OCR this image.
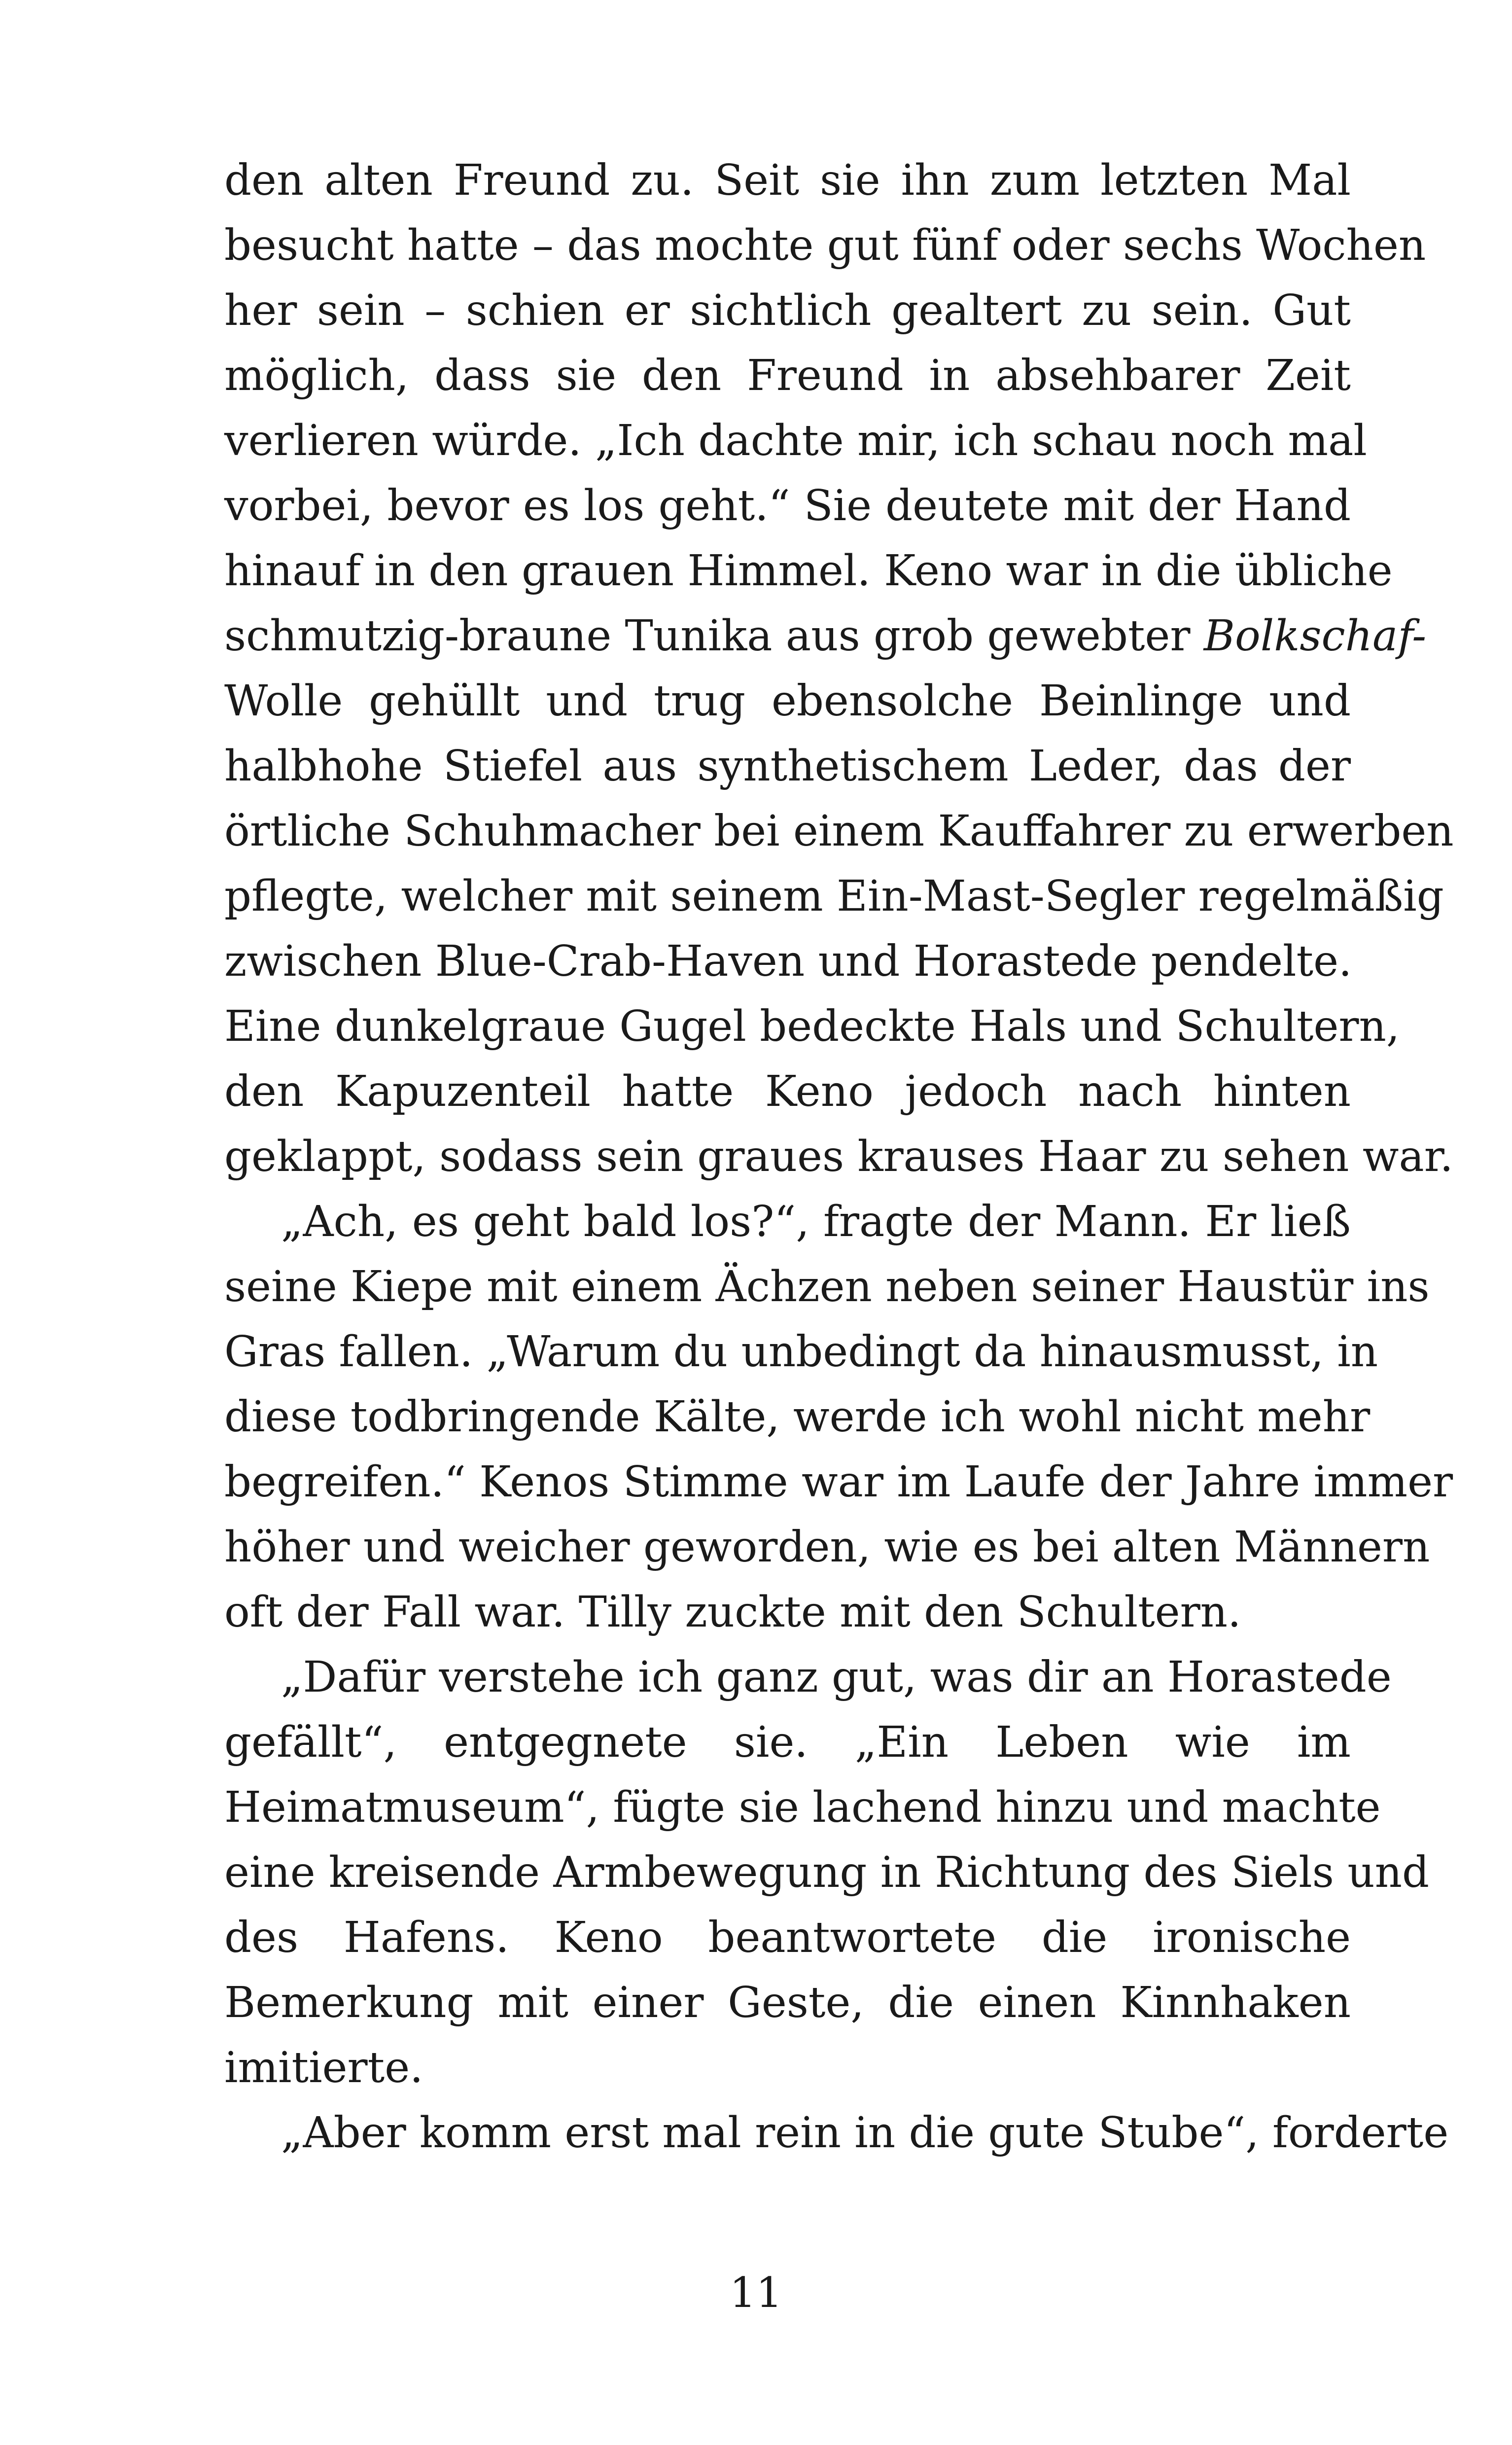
den alten Freund zu. Seit sie ihn zum letzten Mal
besucht hatte – das mochte gut fünf oder sechs Wochen
her sein – schien er sichtlich gealtert zu sein. Gut
möglich, dass sie den Freund in absehbarer Zeit
verlieren würde. „Ich dachte mir, ich schau noch mal
vorbei, bevor es los geht.“ Sie deutete mit der Hand
hinauf in den grauen Himmel. Keno war in die übliche
schmutzig-braune Tunika aus grob gewebter Bolkschaf-
Wolle gehüllt und trug ebensolche Beinlinge und
halbhohe Stiefel aus synthetischem Leder, das der
örtliche Schuhmacher bei einem Kauffahrer zu erwerben
pflegte, welcher mit seinem Ein-Mast-Segler regelmäßig
zwischen Blue-Crab-Haven und Horastede pendelte.
Eine dunkelgraue Gugel bedeckte Hals und Schultern,
den Kapuzenteil hatte Keno jedoch nach hinten
geklappt, sodass sein graues krauses Haar zu sehen war.
„Ach, es geht bald los?“, fragte der Mann. Er ließ
seine Kiepe mit einem Ächzen neben seiner Haustür ins
Gras fallen. „Warum du unbedingt da hinausmusst, in
diese todbringende Kälte, werde ich wohl nicht mehr
begreifen.“ Kenos Stimme war im Laufe der Jahre immer
höher und weicher geworden, wie es bei alten Männern
oft der Fall war. Tilly zuckte mit den Schultern.
„Dafür verstehe ich ganz gut, was dir an Horastede
gefällt“, entgegnete sie. „Ein Leben wie im
Heimatmuseum“, fügte sie lachend hinzu und machte
eine kreisende Armbewegung in Richtung des Siels und
des Hafens. Keno beantwortete die ironische
Bemerkung mit einer Geste, die einen Kinnhaken
imitierte.
„Aber komm erst mal rein in die gute Stube“, forderte
11
